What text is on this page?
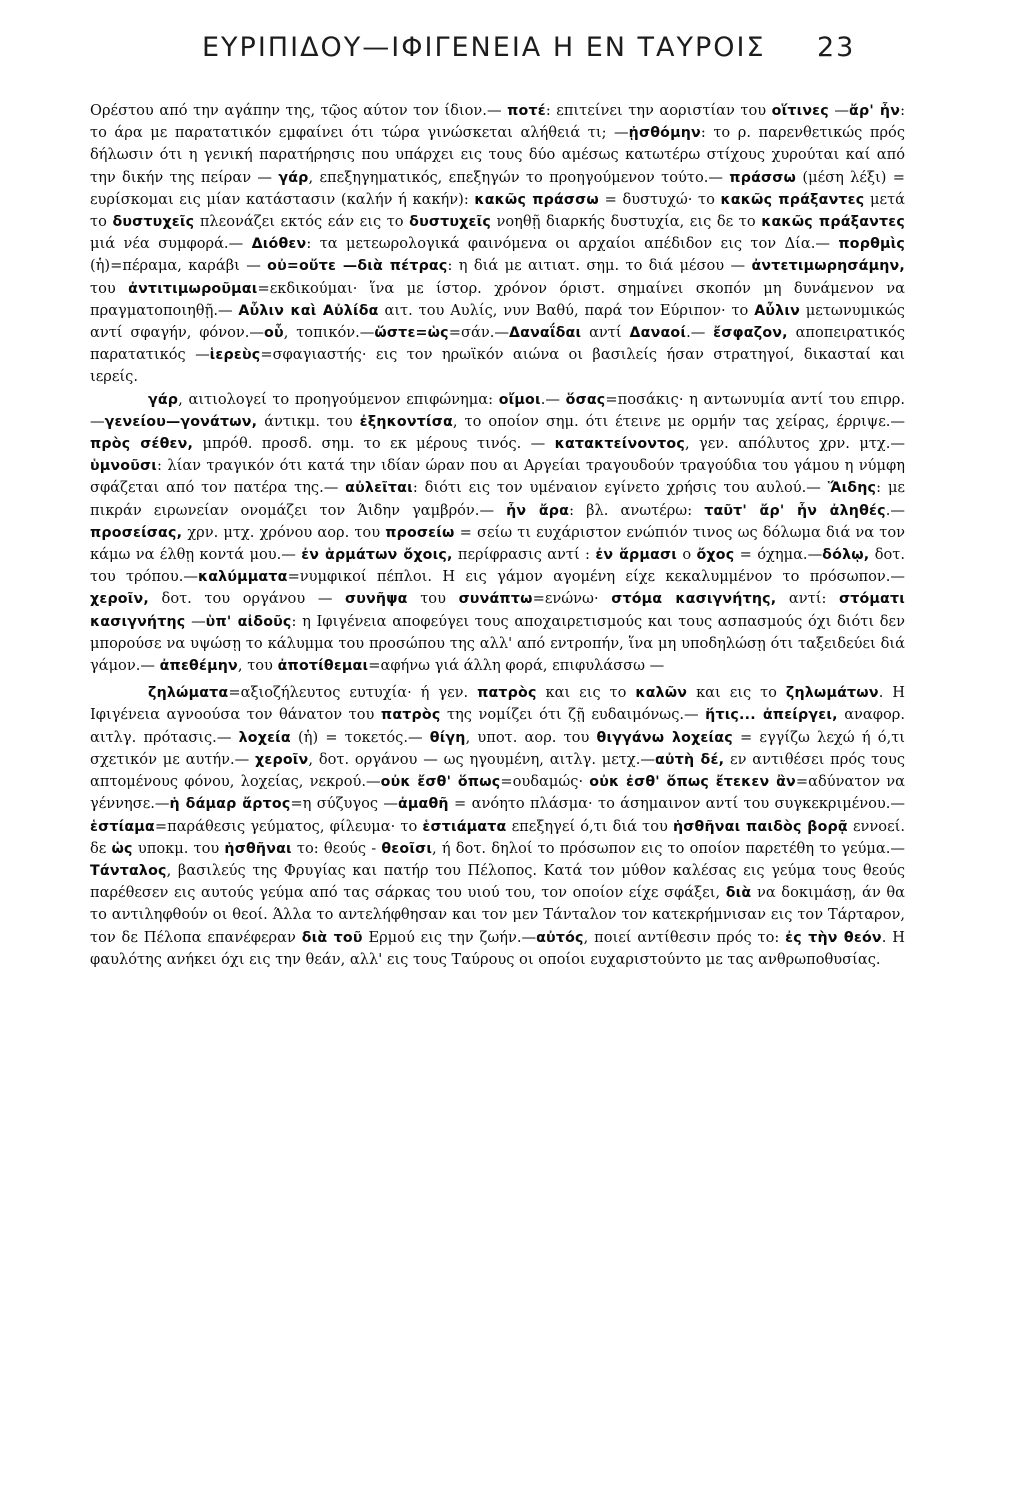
ΕΥΡΙΠΙΔΟΥ—ΙΦΙΓΕΝΕΙΑ Η ΕΝ ΤΑΥΡΟΙΣ 23

Ορέστου από την αγάπην της, τῷος αύτον τον ίδιον.— ποτέ: επιτείνει την αοριστίαν του οἵτινες —ἄρ' ἦν: το άρα με παρατατικόν εμφαίνει ότι τώρα γινώσκεται αλήθειά τι; —ᾐσθόμην: το ρ. παρενθετικώς πρός δήλωσιν ότι η γενική παρατήρησις που υπάρχει εις τους δύο αμέσως κατωτέρω στίχους χυρούται καί από την δικήν της πείραν — γάρ, επεξηγηματικός, επεξηγών το προηγούμενον τούτο.— πράσσω (μέση λέξι) = ευρίσκομαι εις μίαν κατάστασιν (καλήν ή κακήν): κακῶς πράσσω = δυστυχώ· το κακῶς πράξαντες μετά το δυστυχεῖς πλεονάζει εκτός εάν εις το δυστυχεῖς νοηθῇ διαρκής δυστυχία, εις δε το κακῶς πράξαντες μιά νέα συμφορά.— Διόθεν: τα μετεωρολογικά φαινόμενα οι αρχαίοι απέδιδον εις τον Δία.— πορθμὶς (ἡ)=πέραμα, καράβι — οὐ=οὔτε —διὰ πέτρας: η διά με αιτιατ. σημ. το διά μέσου — ἀντετιμωρησάμην, του ἀντιτιμωροῦμαι=εκδικούμαι· ἵνα με ίστορ. χρόνον όριστ. σημαίνει σκοπόν μη δυνάμενον να πραγματοποιηθῇ.— Αὖλιν καὶ Αὐλίδα αιτ. του Αυλίς, νυν Βαθύ, παρά τον Εύριπον· το Αὖλιν μετωνυμικώς αντί σφαγήν, φόνον.—οὗ, τοπικόν.—ὥστε=ὡς=σάν.—Δαναΐδαι αντί Δαναοί.— ἔσφαζον, αποπειρατικός παρατατικός —ἱερεὺς=σφαγιαστής· εις τον ηρωϊκόν αιώνα οι βασιλείς ήσαν στρατηγοί, δικασταί και ιερείς.

γάρ, αιτιολογεί το προηγούμενον επιφώνημα: οἴμοι.— ὅσας=ποσάκις· η αντωνυμία αντί του επιρρ.—γενείου—γονάτων, άντικμ. του ἐξηκοντίσα, το οποίον σημ. ότι έτεινε με ορμήν τας χείρας, έρριψε.— πρὸς σέθεν, μπρόθ. προσδ. σημ. το εκ μέρους τινός. — κατακτείνοντος, γεν. απόλυτος χρν. μτχ.—ὑμνοῦσι: λίαν τραγικόν ότι κατά την ιδίαν ώραν που αι Αργείαι τραγουδούν τραγούδια του γάμου η νύμφη σφάζεται από τον πατέρα της.— αὐλεῖται: διότι εις τον υμέναιον εγίνετο χρήσις του αυλού.— Ἅιδης: με πικράν ειρωνείαν ονομάζει τον Άιδην γαμβρόν.— ἦν ἄρα: βλ. ανωτέρω: ταῦτ' ἄρ' ἦν ἀληθές.— προσείσας, χρν. μτχ. χρόνου αορ. του προσείω = σείω τι ευχάριστον ενώπιόν τινος ως δόλωμα διά να τον κάμω να έλθῃ κοντά μου.— ἐν ἁρμάτων ὄχοις, περίφρασις αντί : ἐν ἅρμασι ο ὄχος = όχημα.—δόλῳ, δοτ. του τρόπου.—καλύμματα=νυμφικοί πέπλοι. Η εις γάμον αγομένη είχε κεκαλυμμένον το πρόσωπον.—χεροῖν, δοτ. του οργάνου — συνῆψα του συνάπτω=ενώνω· στόμα κασιγνήτης, αντί: στόματι κασιγνήτης —ὑπ' αἰδοῦς: η Ιφιγένεια αποφεύγει τους αποχαιρετισμούς και τους ασπασμούς όχι διότι δεν μπορούσε να υψώσῃ το κάλυμμα του προσώπου της αλλ' από εντροπήν, ἵνα μη υποδηλώσῃ ότι ταξειδεύει διά γάμον.— ἀπεθέμην, του ἀποτίθεμαι=αφήνω γιά άλλη φορά, επιφυλάσσω —

ζηλώματα=αξιοζήλευτος ευτυχία· ή γεν. πατρὸς και εις το καλῶν και εις το ζηλωμάτων. Η Ιφιγένεια αγνοούσα τον θάνατον του πατρὸς της νομίζει ότι ζῇ ευδαιμόνως.— ἥτις... ἀπείργει, αναφορ. αιτλγ. πρότασις.— λοχεία (ἡ) = τοκετός.— θίγη, υποτ. αορ. του θιγγάνω λοχείας = εγγίζω λεχώ ή ό,τι σχετικόν με αυτήν.— χεροῖν, δοτ. οργάνου — ως ηγουμένη, αιτλγ. μετχ.—αὐτὴ δέ, εν αντιθέσει πρός τους απτομένους φόνου, λοχείας, νεκρού.—οὐκ ἔσθ' ὅπως=ουδαμώς· οὐκ ἐσθ' ὅπως ἔτεκεν ἂν=αδύνατον να γέννησε.—ἡ δάμαρ ἄρτος=η σύζυγος —ἀμαθῆ = ανόητο πλάσμα· το άσημαινον αντί του συγκεκριμένου.— ἑστίαμα=παράθεσις γεύματος, φίλευμα· το ἑστιάματα επεξηγεί ό,τι διά του ἡσθῆναι παιδὸς βορᾷ εννοεί. δε ὡς υποκμ. του ἡσθῆναι το: θεούς - θεοῖσι, ή δοτ. δηλοί το πρόσωπον εις το οποίον παρετέθη το γεύμα.— Τάνταλος, βασιλεύς της Φρυγίας και πατήρ του Πέλοπος. Κατά τον μύθον καλέσας εις γεύμα τους θεούς παρέθεσεν εις αυτούς γεύμα από τας σάρκας του υιού του, τον οποίον είχε σφάξει, διὰ να δοκιμάσῃ, άν θα το αντιληφθούν οι θεοί. Άλλα το αντελήφθησαν και τον μεν Τάνταλον τον κατεκρήμνισαν εις τον Τάρταρον, τον δε Πέλοπα επανέφεραν διὰ τοῦ Ερμού εις την ζωήν.—αὐτός, ποιεί αντίθεσιν πρός το: ἐς τὴν θεόν. Η φαυλότης ανήκει όχι εις την θεάν, αλλ' εις τους Ταύρους οι οποίοι ευχαριστούντο με τας ανθρωποθυσίας.
